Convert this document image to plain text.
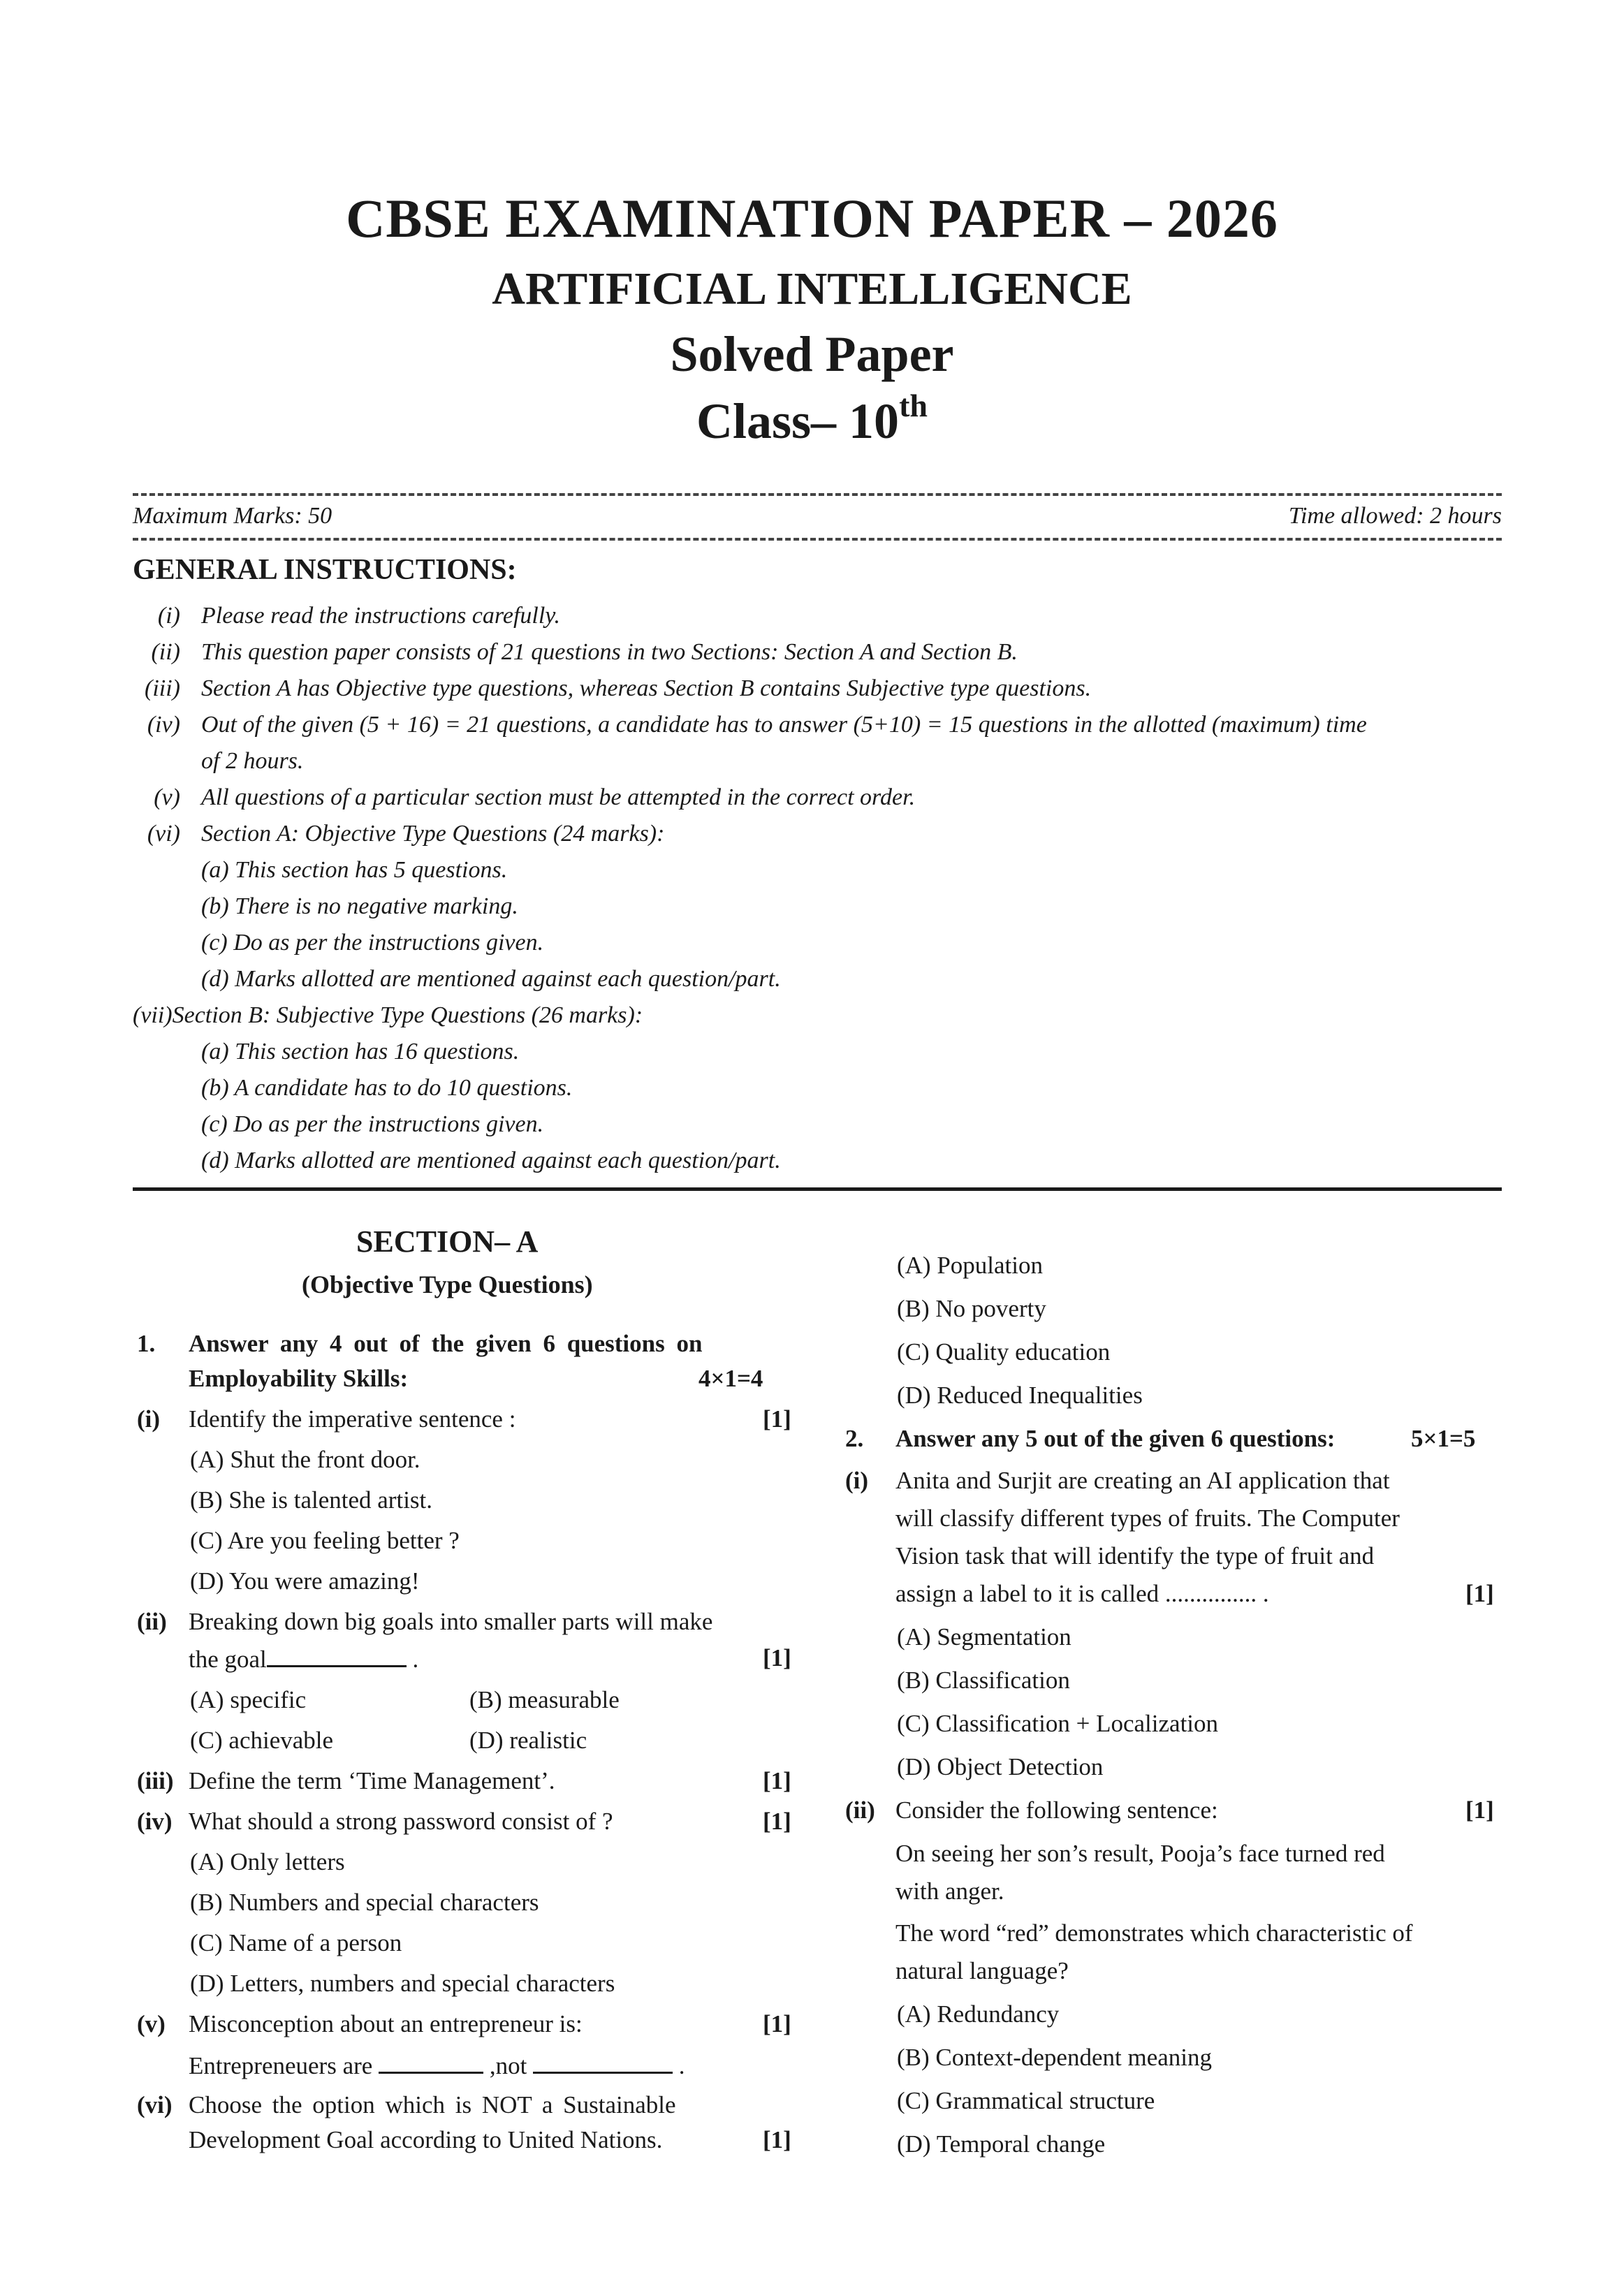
CBSE EXAMINATION PAPER – 2026
ARTIFICIAL INTELLIGENCE
Solved Paper
Class– 10th
Maximum Marks: 50	Time allowed: 2 hours
GENERAL INSTRUCTIONS:
(i) Please read the instructions carefully.
(ii) This question paper consists of 21 questions in two Sections: Section A and Section B.
(iii) Section A has Objective type questions, whereas Section B contains Subjective type questions.
(iv) Out of the given (5 + 16) = 21 questions, a candidate has to answer (5+10) = 15 questions in the allotted (maximum) time
of 2 hours.
(v) All questions of a particular section must be attempted in the correct order.
(vi) Section A: Objective Type Questions (24 marks):
(a) This section has 5 questions.
(b) There is no negative marking.
(c) Do as per the instructions given.
(d) Marks allotted are mentioned against each question/part.
(vii)Section B: Subjective Type Questions (26 marks):
(a) This section has 16 questions.
(b) A candidate has to do 10 questions.
(c) Do as per the instructions given.
(d) Marks allotted are mentioned against each question/part.
SECTION– A
(Objective Type Questions)
1. Answer any 4 out of the given 6 questions on
Employability Skills:	4×1=4
(i) Identify the imperative sentence :	[1]
(A) Shut the front door.
(B) She is talented artist.
(C) Are you feeling better ?
(D) You were amazing!
(ii) Breaking down big goals into smaller parts will make
the goal	.	[1]
(A) specific	(B) measurable
(C) achievable	(D) realistic
(iii) Define the term ‘Time Management’.	[1]
(iv) What should a strong password consist of ?	[1]
(A) Only letters
(B) Numbers and special characters
(C) Name of a person
(D) Letters, numbers and special characters
(v) Misconception about an entrepreneur is:	[1]
Entrepreneuers are	,not	.
(vi) Choose the option which is NOT a Sustainable
Development Goal according to United Nations.	[1]
(A) Population
(B) No poverty
(C) Quality education
(D) Reduced Inequalities
2. Answer any 5 out of the given 6 questions:	5×1=5
(i) Anita and Surjit are creating an AI application that
will classify different types of fruits. The Computer
Vision task that will identify the type of fruit and
assign a label to it is called ............... .	[1]
(A) Segmentation
(B) Classification
(C) Classification + Localization
(D) Object Detection
(ii) Consider the following sentence:	[1]
On seeing her son’s result, Pooja’s face turned red
with anger.
The word “red” demonstrates which characteristic of
natural language?
(A) Redundancy
(B) Context-dependent meaning
(C) Grammatical structure
(D) Temporal change
